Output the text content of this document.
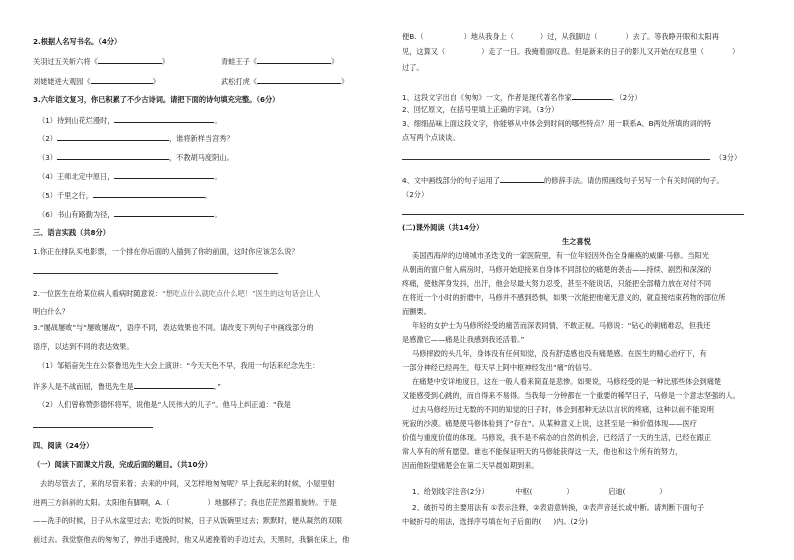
2.根据人名写书名。（4分）
关羽过五关斩六将《	》	青蛙王子《	》
刘姥姥进大观园《	》	武松打虎《	》
3.六年语文复习，你已积累了不少古诗词。请把下面的诗句填充完整。（6分）
（1）待到山花烂漫时，	。
（2）	，谁将新样当宫秀？
（3）	，不教胡马度阴山。
（4）王师北定中原日，	。
（5）千里之行，	。
（6）书山有路勤为径，	。
三、语言实践（共8分）
1.你正在排队买电影票，一个排在你后面的人插到了你的前面，这时你应该怎么说？
2.一位医生在给某位病人看病时随意说：“想吃点什么就吃点什么吧！”医生的这句话会让人
明白什么？
3.“屡战屡败”与“屡败屡战”，语序不同，表达效果也不同。请改变下列句子中画线部分的
语序，以达到不同的表达效果。
（1）邹韬奋先生在公祭鲁迅先生大会上演讲：“今天天色不早，我用一句话来纪念先生：
许多人是不战而屈，鲁迅先生是	。”
（2）人们曾称赞彭德怀将军，说他是“人民伟大的儿子”。他马上纠正道：“我是
四、阅读（24分）
（一）阅读下面课文片段，完成后面的题目。（共10分）
去的尽管去了，来的尽管来着；去来的中间，又怎样地匆匆呢？早上我起来的时候，小屋里射
进两三方斜斜的太阳。太阳他有脚啊，A.（	）地挪移了；我也茫茫然跟着旋转。于是
——洗手的时候，日子从水盆里过去；吃饭的时候，日子从饭碗里过去；默默时，便从凝然的双眼
前过去。我觉察他去的匆匆了，伸出手遮挽时，他又从遮挽着的手边过去，天黑时，我躺在床上，他
便B.（	）地从我身上（	）过，从我脚边（	）去了。等我睁开眼和太阳再
见，这算又（	）走了一日。我掩着面叹息。但是新来的日子的影儿又开始在叹息里（	）
过了。
1、这段文字出自《匆匆》一文，作者是现代著名作家	。（2分）
2、回忆原文，在括号里填上正确的字词。（3分）
3、细细品味上面这段文字，你能够从中体会到时间的哪些特点？用一联系A、B两处所填的词的特
点写两个点谈谈。
（3分）
4、文中画线部分的句子运用了	的修辞手法。请仿照画线句子另写一个有关时间的句子。
（2分）
(二)课外阅读（共14分）
生之喜悦
美国西海岸的边境城市圣迭戈的一家医院里，有一位年轻因外伤全身瘫痪的威廉·马修。当阳光
从朝南的窗户射入病房时，马修开始迎接来自身体不同部位的痛楚的袭击——持续、剧烈和深深的
疼痛，使他浑身发抖，出汗，他会尽最大努力忍受，甚至不能说话，只能把全部精力放在对付不同
在将近一个小时的折磨中，马修并不感到恐惧，如果一次能把他毫无意义的，就直接结束药物的部位所
而颤栗。
年轻的女护士为马修所经受的痛苦而深表同情，不敢正视。马修说：“钻心的刺痛难忍，但我还
是感激它——痛是让我感到我还活着。”
马修摔跤的头几年，身体没有任何知觉，没有舒适感也没有痛楚感。在医生的精心治疗下，有
一部分神经已经再生，每天早上阿中枢神经发出“痛”的信号。
在痛楚中安详地度日，这在一般人看来简直是悲惨。如果说，马修经受的是一种比那些体会到痛楚
又能感受到心跳的，而自得来不易得。当我每一分钟都在一个重要的稀罕日子，马修是一个意志坚强的人。
过去马修经历过无数的不同的知觉的日子时，体会到那种无法以言状的疼痛，这种以前不能说明
死寂的沙漠。痛楚使马修体验到了“存在”。从某种意义上说，这甚至是一种价值体现——医疗
价值与重度价值的体现。马修说，我不是不病态的自然的机会，已经活了一天的生活，已经在跟正
常人享有的所有愿望。谁也不能保证明天的马修能获得这一天，他也和这个所有的努力，
因而他盼望痛楚会在第二天早晨如期到来。
1、给划线字注音(2分）	中枢(	）	启迪(	）
2、破折号的主要用法有 ①表示注释，②表语意转换，③表声音延长或中断。请判断下面句子
中破折号的用法，选择序号填在句子后面的( )内。(2分)
